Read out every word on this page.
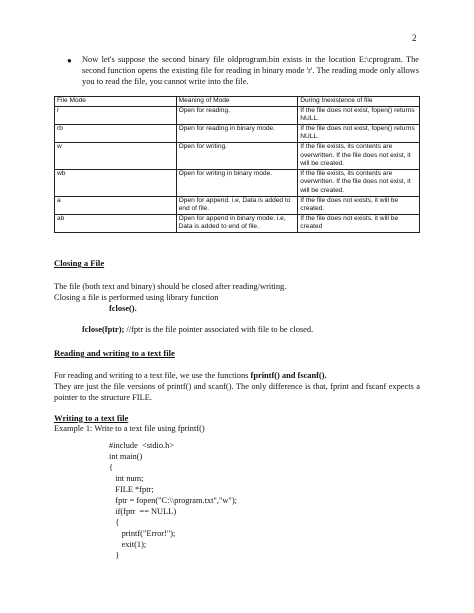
2
● Now let's suppose the second binary file oldprogram.bin exists in the location E:\cprogram. The second function opens the existing file for reading in binary mode 'r'. The reading mode only allows you to read the file, you cannot write into the file.
File Mode	Meaning of Mode	During Inexistence of file
r	Open for reading.	If the file does not exist, fopen() returns NULL.
rb	Open for reading in binary mode.	If the file does not exist, fopen() returns NULL.
w	Open for writing.	If the file exists, its contents are overwritten. If the file does not exist, it will be created.
wb	Open for writing in binary mode.	If the file exists, its contents are overwritten. If the file does not exist, it will be created.
a	Open for append. i.e, Data is added to end of file.	If the file does not exists, it will be created.
ab	Open for append in binary mode. i.e, Data is added to end of file.	If the file does not exists, it will be created
Closing a File
The file (both text and binary) should be closed after reading/writing.
Closing a file is performed using library function
fclose().
fclose(fptr); //fptr is the file pointer associated with file to be closed.
Reading and writing to a text file
For reading and writing to a text file, we use the functions fprintf() and fscanf().
They are just the file versions of printf() and scanf(). The only difference is that, fprint and fscanf expects a pointer to the structure FILE.
Writing to a text file
Example 1: Write to a text file using fprintf()
#include  <stdio.h>
int main()
{
int num;
FILE *fptr;
fptr = fopen("C:\\program.txt","w");
if(fptr  == NULL)
{
printf("Error!");
exit(1);
}
